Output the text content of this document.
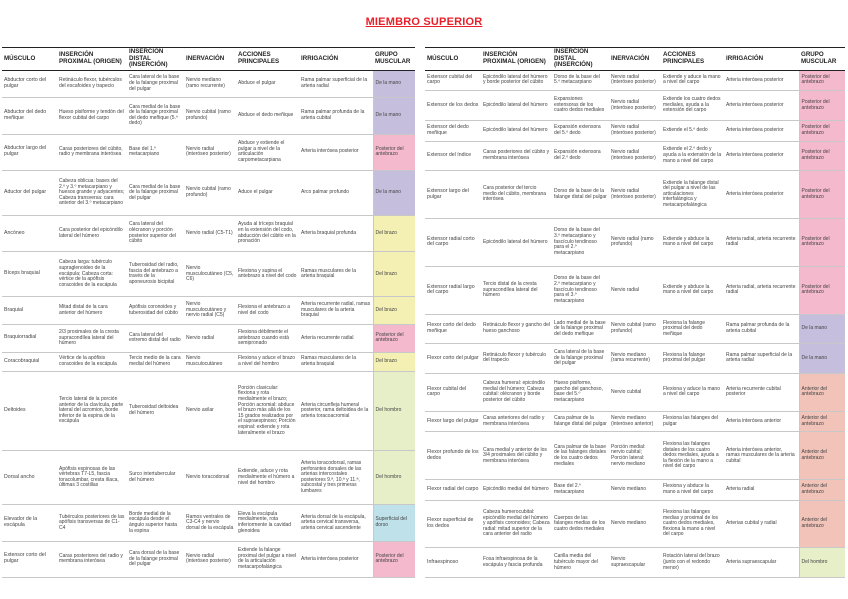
MIEMBRO SUPERIOR
MÚSCULO	INSERCIÓN PROXIMAL (ORIGEN)	INSERCIÓN DISTAL (INSERCIÓN)	INERVACIÓN	ACCIONES PRINCIPALES	IRRIGACIÓN	GRUPO MUSCULAR
Abductor corto del pulgar	Retináculo flexor, tubérculos del escafoides y trapecio	Cara lateral de la base de la falange proximal del pulgar	Nervio mediano (ramo recurrente)	Abduce el pulgar	Rama palmar superficial de la arteria radial	De la mano
Abductor del dedo meñique	Hueso pisiforme y tendón del flexor cubital del carpo	Cara medial de la base de la falange proximal del dedo meñique (5.º dedo)	Nervio cubital (ramo profundo)	Abduce el dedo meñique	Rama palmar profunda de la arteria cubital	De la mano
Abductor largo del pulgar	Caras posteriores del cúbito, radio y membrana interósea	Base del 1.º metacarpiano	Nervio radial (interóseo posterior)	Abduce y extiende el pulgar a nivel de la articulación carpometacarpiana	Arteria interósea posterior	Posterior del antebrazo
Aductor del pulgar	Cabeza oblicua: bases del 2.º y 3.º metacarpiano y huesos grande y adyacentes; Cabeza transversa: cara anterior del 3.º metacarpiano	Cara medial de la base de la falange proximal del pulgar	Nervio cubital (ramo profundo)	Aduce el pulgar	Arco palmar profundo	De la mano
Ancóneo	Cara posterior del epicóndilo lateral del húmero	Cara lateral del olécranon y porción posterior superior del cúbito	Nervio radial (C5-T1)	Ayuda al tríceps braquial en la extensión del codo, abducción del cúbito en la pronación	Arteria braquial profunda	Del brazo
Bíceps braquial	Cabeza larga: tubérculo supraglenoideo de la escápula; Cabeza corta: vértice de la apófisis coracoides de la escápula	Tuberosidad del radio, fascia del antebrazo a través de la aponeurosis bicipital	Nervio musculocutáneo (C5, C6)	Flexiona y supina el antebrazo a nivel del codo	Ramas musculares de la arteria braquial	Del brazo
Braquial	Mitad distal de la cara anterior del húmero	Apófisis coronoides y tuberosidad del cúbito	Nervio musculocutáneo y nervio radial (C5)	Flexiona el antebrazo a nivel del codo	Arteria recurrente radial, ramas musculares de la arteria braquial	Del brazo
Braquiorradial	2/3 proximales de la cresta supracondílea lateral del húmero	Cara lateral del extremo distal del radio	Nervio radial	Flexiona débilmente el antebrazo cuando está semipronado	Arteria recurrente radial	Posterior del antebrazo
Coracobraquial	Vértice de la apófisis coracoides de la escápula	Tercio medio de la cara medial del húmero	Nervio musculocutáneo	Flexiona y aduce el brazo a nivel del hombro	Ramas musculares de la arteria braquial	Del brazo
Deltoides	Tercio lateral de la porción anterior de la clavícula, parte lateral del acromion, borde inferior de la espina de la escápula	Tuberosidad deltoidea del húmero	Nervio axilar	Porción clavicular: flexiona y rota medialmente el brazo; Porción acromial: abduce el brazo más allá de los 15 grados realizados por el supraespinoso; Porción espinal: extiende y rota lateralmente el brazo	Arteria circunfleja humeral posterior, rama deltoidea de la arteria toracoacromial	Del hombro
Dorsal ancho	Apófisis espinosas de las vértebras T7-L5, fascia toracolumbar, cresta ilíaca, últimas 3 costillas	Surco intertubercular del húmero	Nervio toracodorsal	Extiende, aduce y rota medialmente el húmero a nivel del hombro	Arteria toracodorsal, ramas perforantes dorsales de las arterias intercostales posteriores 9.ª, 10.ª y 11.ª, subcostal y tres primeras lumbares	Del hombro
Elevador de la escápula	Tubérculos posteriores de las apófisis transversas de C1-C4	Borde medial de la escápula desde el ángulo superior hasta la espina	Ramos ventrales de C3-C4 y nervio dorsal de la escápula	Eleva la escápula medialmente, rota inferiormente la cavidad glenoidea	Arteria dorsal de la escápula, arteria cervical transversa, arteria cervical ascendente	Superficial del dorso
Extensor corto del pulgar	Caras posteriores del radio y membrana interósea	Cara dorsal de la base de la falange proximal del pulgar	Nervio radial (interóseo posterior)	Extiende la falange proximal del pulgar a nivel de la articulación metacarpofalángica	Arteria interósea posterior	Posterior del antebrazo
MÚSCULO	INSERCIÓN PROXIMAL (ORIGEN)	INSERCIÓN DISTAL (INSERCIÓN)	INERVACIÓN	ACCIONES PRINCIPALES	IRRIGACIÓN	GRUPO MUSCULAR
Extensor cubital del carpo	Epicóndilo lateral del húmero y borde posterior del cúbito	Dorso de la base del 5.º metacarpiano	Nervio radial (interóseo posterior)	Extiende y aduce la mano a nivel del carpo	Arteria interósea posterior	Posterior del antebrazo
Extensor de los dedos	Epicóndilo lateral del húmero	Expansiones extensoras de los cuatro dedos mediales	Nervio radial (interóseo posterior)	Extiende los cuatro dedos mediales, ayuda a la extensión del carpo	Arteria interósea posterior	Posterior del antebrazo
Extensor del dedo meñique	Epicóndilo lateral del húmero	Expansión extensora del 5.º dedo	Nervio radial (interóseo posterior)	Extiende el 5.º dedo	Arteria interósea posterior	Posterior del antebrazo
Extensor del índice	Caras posteriores del cúbito y membrana interósea	Expansión extensora del 2.º dedo	Nervio radial (interóseo posterior)	Extiende el 2.º dedo y ayuda a la extensión de la mano a nivel del carpo	Arteria interósea posterior	Posterior del antebrazo
Extensor largo del pulgar	Cara posterior del tercio medio del cúbito, membrana interósea	Dorso de la base de la falange distal del pulgar	Nervio radial (interóseo posterior)	Extiende la falange distal del pulgar a nivel de las articulaciones interfalángica y metacarpofalángica	Arteria interósea posterior	Posterior del antebrazo
Extensor radial corto del carpo	Epicóndilo lateral del húmero	Dorso de la base del 3.º metacarpiano y fascículo tendinoso para el 2.º metacarpiano	Nervio radial (ramo profundo)	Extiende y abduce la mano a nivel del carpo	Arteria radial, arteria recurrente radial	Posterior del antebrazo
Extensor radial largo del carpo	Tercio distal de la cresta supracondílea lateral del húmero	Dorso de la base del 2.º metacarpiano y fascículo tendinoso para el 3.º metacarpiano	Nervio radial	Extiende y abduce la mano a nivel del carpo	Arteria radial, arteria recurrente radial	Posterior del antebrazo
Flexor corto del dedo meñique	Retináculo flexor y gancho del hueso ganchoso	Lado medial de la base de la falange proximal del dedo meñique	Nervio cubital (ramo profundo)	Flexiona la falange proximal del dedo meñique	Rama palmar profunda de la arteria cubital	De la mano
Flexor corto del pulgar	Retináculo flexor y tubérculo del trapecio	Cara lateral de la base de la falange proximal del pulgar	Nervio mediano (rama recurrente)	Flexiona la falange proximal del pulgar	Rama palmar superficial de la arteria radial	De la mano
Flexor cubital del carpo	Cabeza humeral: epicóndilo medial del húmero; Cabeza cubital: olécranon y borde posterior del cúbito	Hueso pisiforme, gancho del ganchoso, base del 5.º metacarpiano	Nervio cubital	Flexiona y aduce la mano a nivel del carpo	Arteria recurrente cubital posterior	Anterior del antebrazo
Flexor largo del pulgar	Caras anteriores del radio y membrana interósea	Cara palmar de la falange distal del pulgar	Nervio mediano (interóseo anterior)	Flexiona las falanges del pulgar	Arteria interósea anterior	Anterior del antebrazo
Flexor profundo de los dedos	Cara medial y anterior de los 3/4 proximales del cúbito y membrana interósea	Cara palmar de la base de las falanges distales de los cuatro dedos mediales	Porción medial: nervio cubital; Porción lateral: nervio mediano	Flexiona las falanges distales de los cuatro dedos mediales, ayuda a la flexión de la mano a nivel del carpo	Arteria interósea anterior, ramas musculares de la arteria cubital	Anterior del antebrazo
Flexor radial del carpo	Epicóndilo medial del húmero	Base del 2.º metacarpiano	Nervio mediano	Flexiona y abduce la mano a nivel del carpo	Arteria radial	Anterior del antebrazo
Flexor superficial de los dedos	Cabeza humerocubital: epicóndilo medial del húmero y apófisis coronoides; Cabeza radial: mitad superior de la cara anterior del radio	Cuerpos de las falanges medias de los cuatro dedos mediales	Nervio mediano	Flexiona las falanges medias y proximal de los cuatro dedos mediales, flexiona la mano a nivel del carpo	Arterias cubital y radial	Anterior del antebrazo
Infraespinoso	Fosa infraespinosa de la escápula y fascia profunda	Carilla media del tubérculo mayor del húmero	Nervio supraescapular	Rotación lateral del brazo (junto con el redondo menor)	Arteria supraescapular	Del hombro
